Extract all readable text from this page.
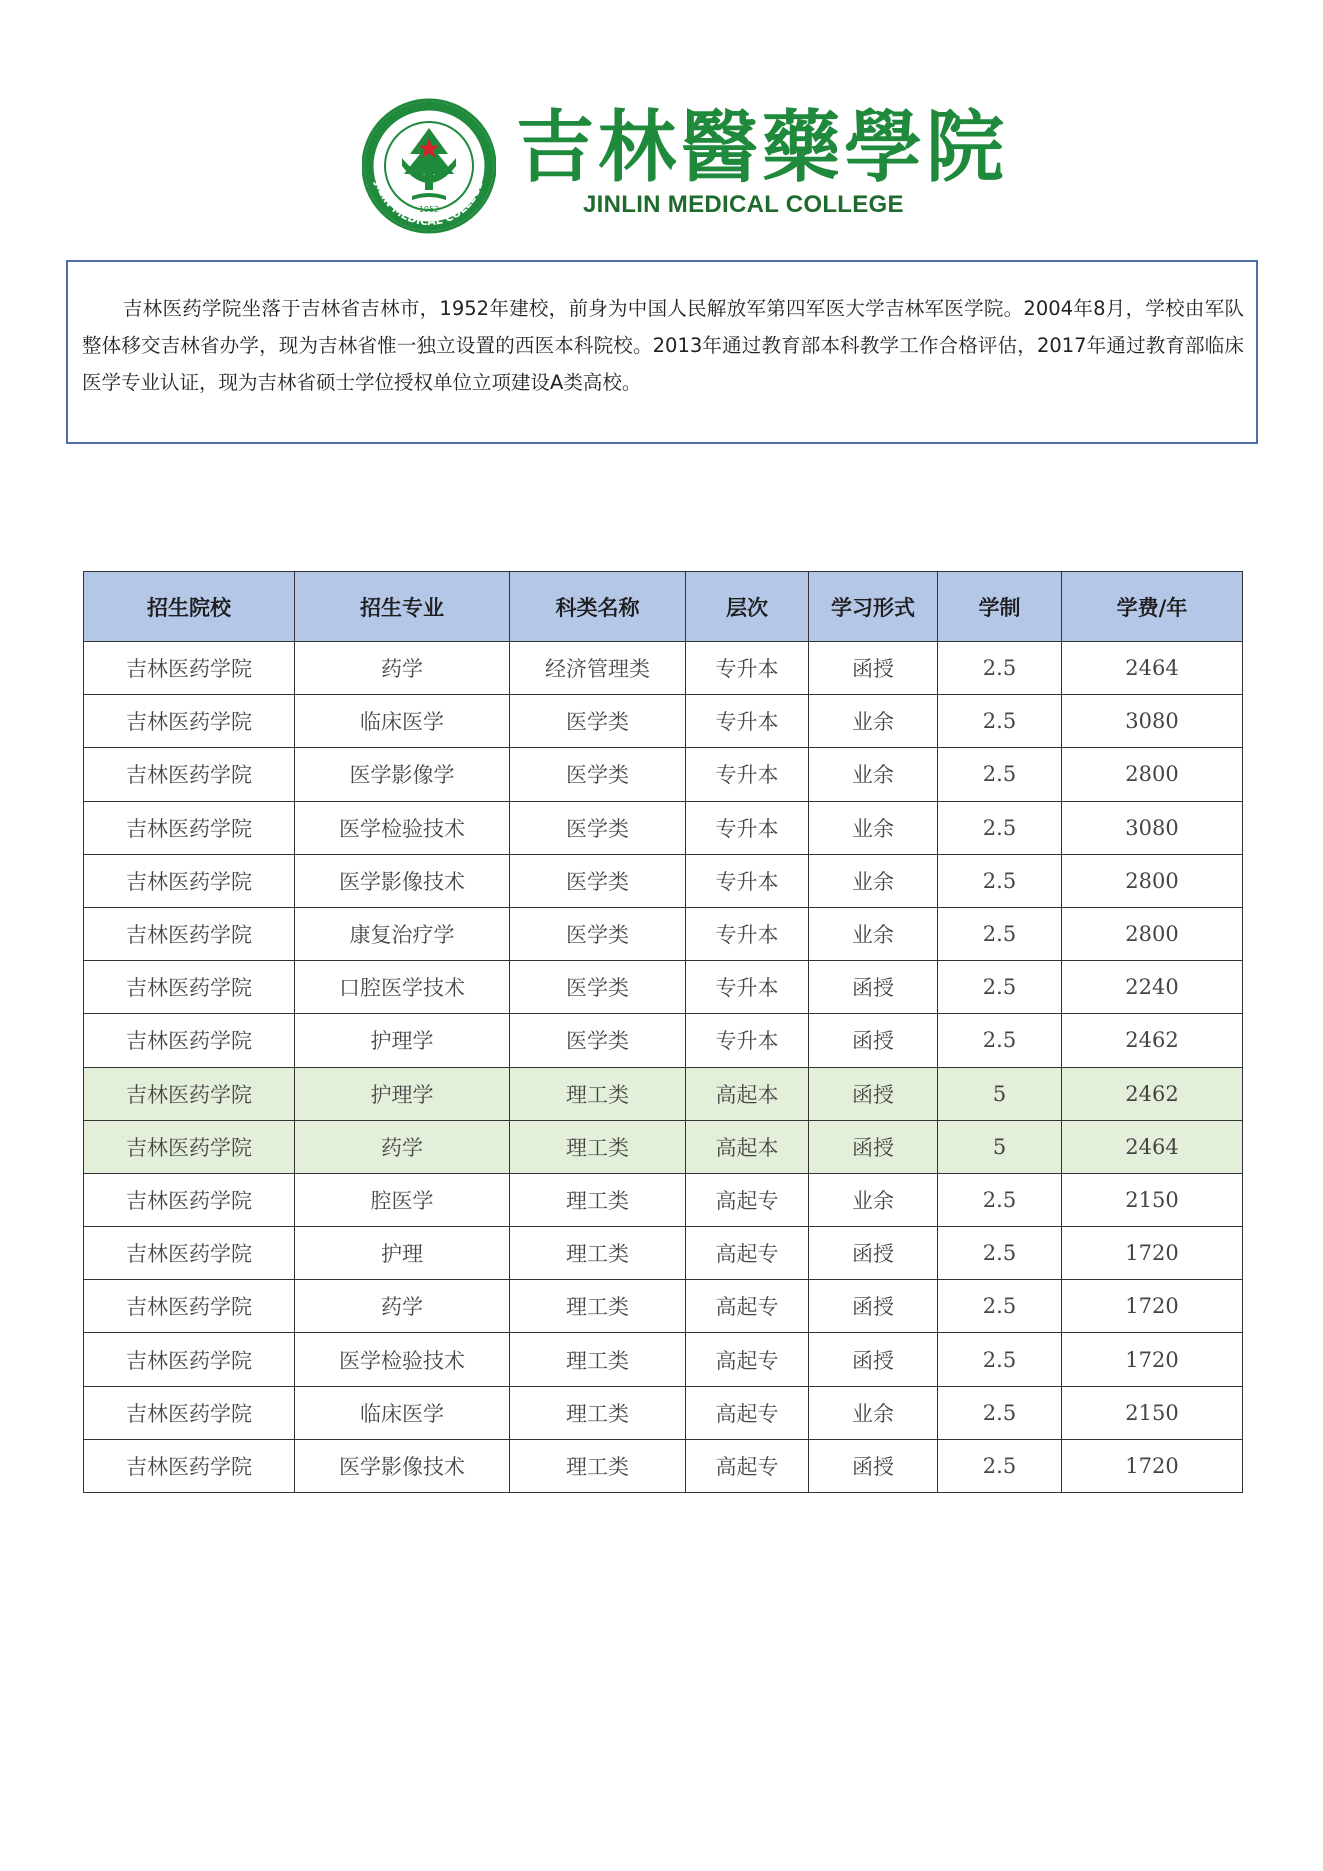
JILIN MEDICAL COLLEGE
1952
吉林醫藥學院
JINLIN MEDICAL COLLEGE

吉林医药学院坐落于吉林省吉林市，1952年建校，前身为中国人民解放军第四军医大学吉林军医学院。2004年8月，学校由军队整体移交吉林省办学，现为吉林省惟一独立设置的西医本科院校。2013年通过教育部本科教学工作合格评估，2017年通过教育部临床医学专业认证，现为吉林省硕士学位授权单位立项建设A类高校。

招生院校	招生专业	科类名称	层次	学习形式	学制	学费/年
吉林医药学院	药学	经济管理类	专升本	函授	2.5	2464
吉林医药学院	临床医学	医学类	专升本	业余	2.5	3080
吉林医药学院	医学影像学	医学类	专升本	业余	2.5	2800
吉林医药学院	医学检验技术	医学类	专升本	业余	2.5	3080
吉林医药学院	医学影像技术	医学类	专升本	业余	2.5	2800
吉林医药学院	康复治疗学	医学类	专升本	业余	2.5	2800
吉林医药学院	口腔医学技术	医学类	专升本	函授	2.5	2240
吉林医药学院	护理学	医学类	专升本	函授	2.5	2462
吉林医药学院	护理学	理工类	高起本	函授	5	2462
吉林医药学院	药学	理工类	高起本	函授	5	2464
吉林医药学院	腔医学	理工类	高起专	业余	2.5	2150
吉林医药学院	护理	理工类	高起专	函授	2.5	1720
吉林医药学院	药学	理工类	高起专	函授	2.5	1720
吉林医药学院	医学检验技术	理工类	高起专	函授	2.5	1720
吉林医药学院	临床医学	理工类	高起专	业余	2.5	2150
吉林医药学院	医学影像技术	理工类	高起专	函授	2.5	1720
